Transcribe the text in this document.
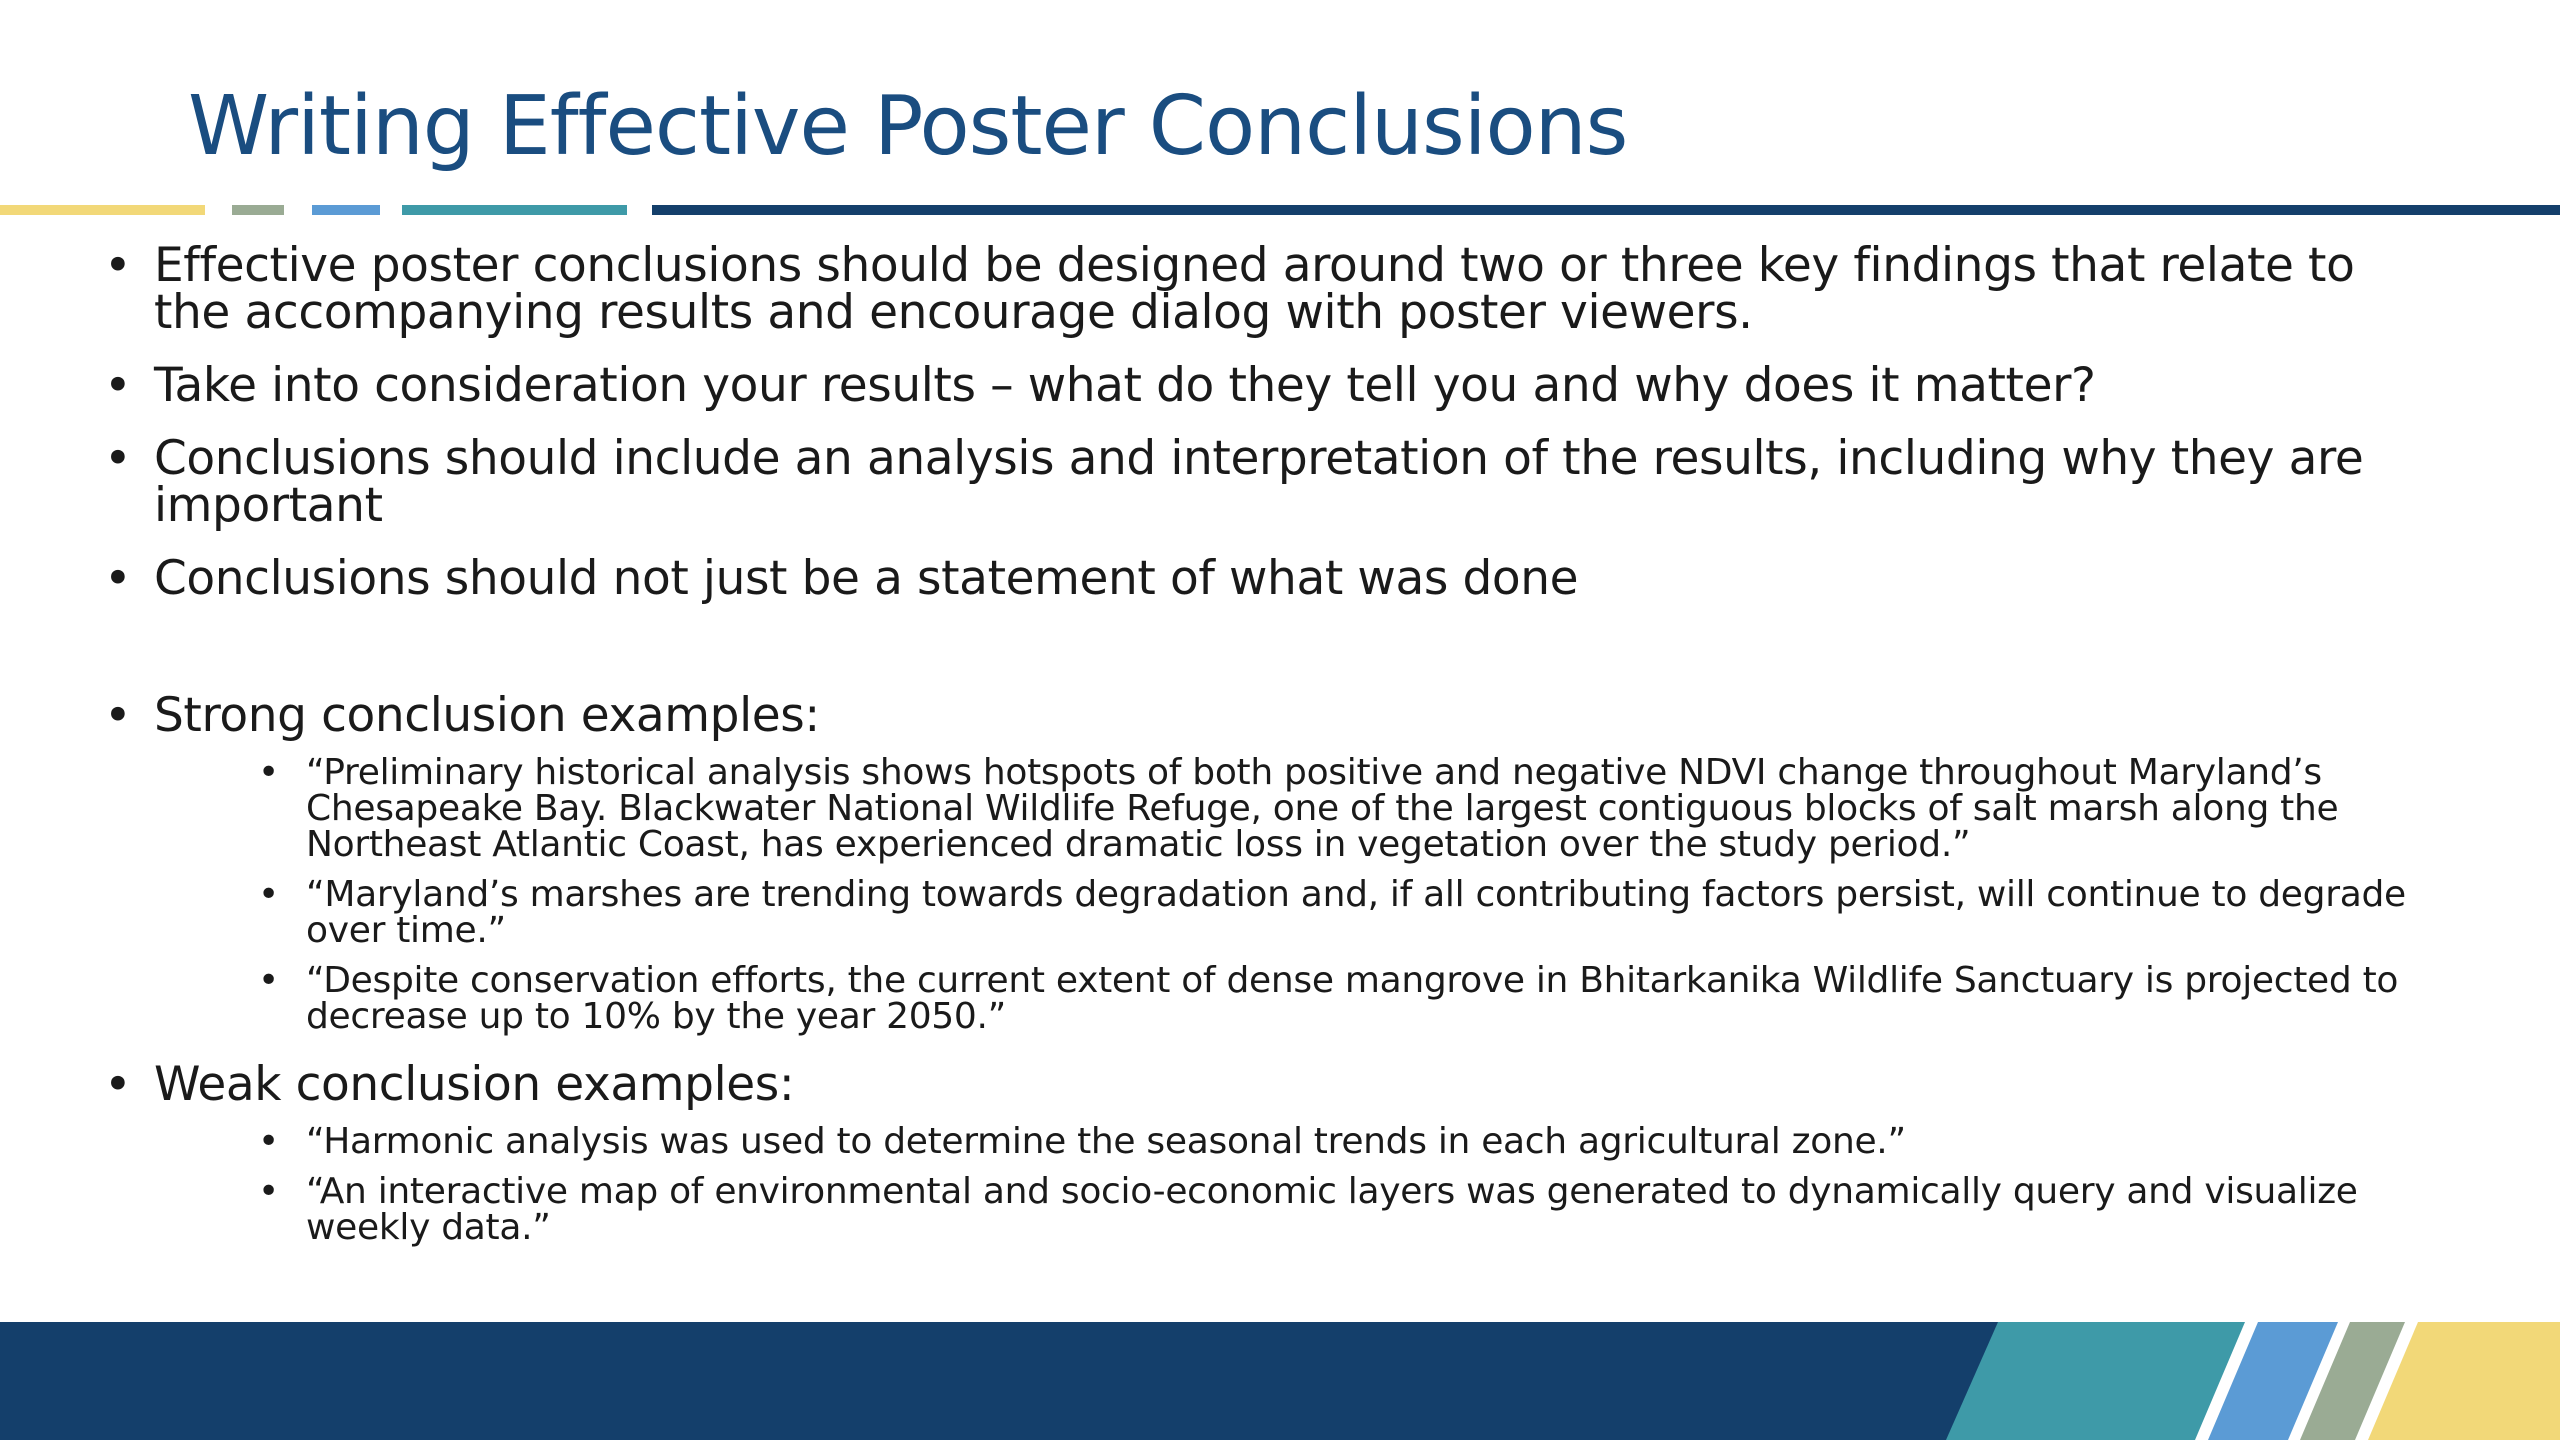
Writing Effective Poster Conclusions
• Effective poster conclusions should be designed around two or three key findings that relate to
the accompanying results and encourage dialog with poster viewers.
• Take into consideration your results – what do they tell you and why does it matter?
• Conclusions should include an analysis and interpretation of the results, including why they are
important
• Conclusions should not just be a statement of what was done
• Strong conclusion examples:
• “Preliminary historical analysis shows hotspots of both positive and negative NDVI change throughout Maryland’s
Chesapeake Bay. Blackwater National Wildlife Refuge, one of the largest contiguous blocks of salt marsh along the
Northeast Atlantic Coast, has experienced dramatic loss in vegetation over the study period.”
• “Maryland’s marshes are trending towards degradation and, if all contributing factors persist, will continue to degrade
over time.”
• “Despite conservation efforts, the current extent of dense mangrove in Bhitarkanika Wildlife Sanctuary is projected to
decrease up to 10% by the year 2050.”
• Weak conclusion examples:
• “Harmonic analysis was used to determine the seasonal trends in each agricultural zone.”
• “An interactive map of environmental and socio-economic layers was generated to dynamically query and visualize
weekly data.”
